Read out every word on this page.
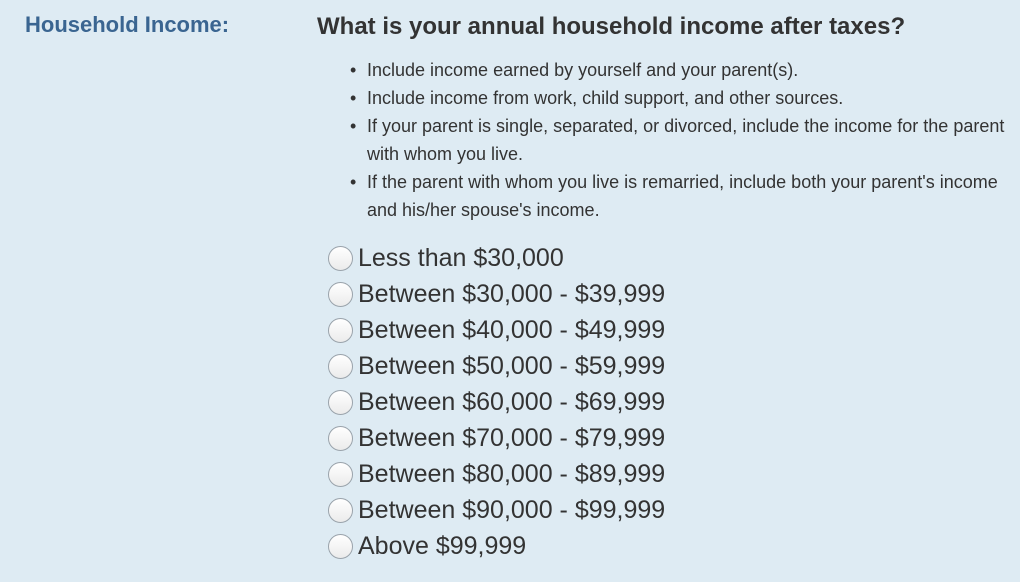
Household Income:	What is your annual household income after taxes?
•
Include income earned by yourself and your parent(s).
•
Include income from work, child support, and other sources.
•
If your parent is single, separated, or divorced, include the income for the parent with whom you live.
•
If the parent with whom you live is remarried, include both your parent's income and his/her spouse's income.
Less than $30,000
Between $30,000 - $39,999
Between $40,000 - $49,999
Between $50,000 - $59,999
Between $60,000 - $69,999
Between $70,000 - $79,999
Between $80,000 - $89,999
Between $90,000 - $99,999
Above $99,999
